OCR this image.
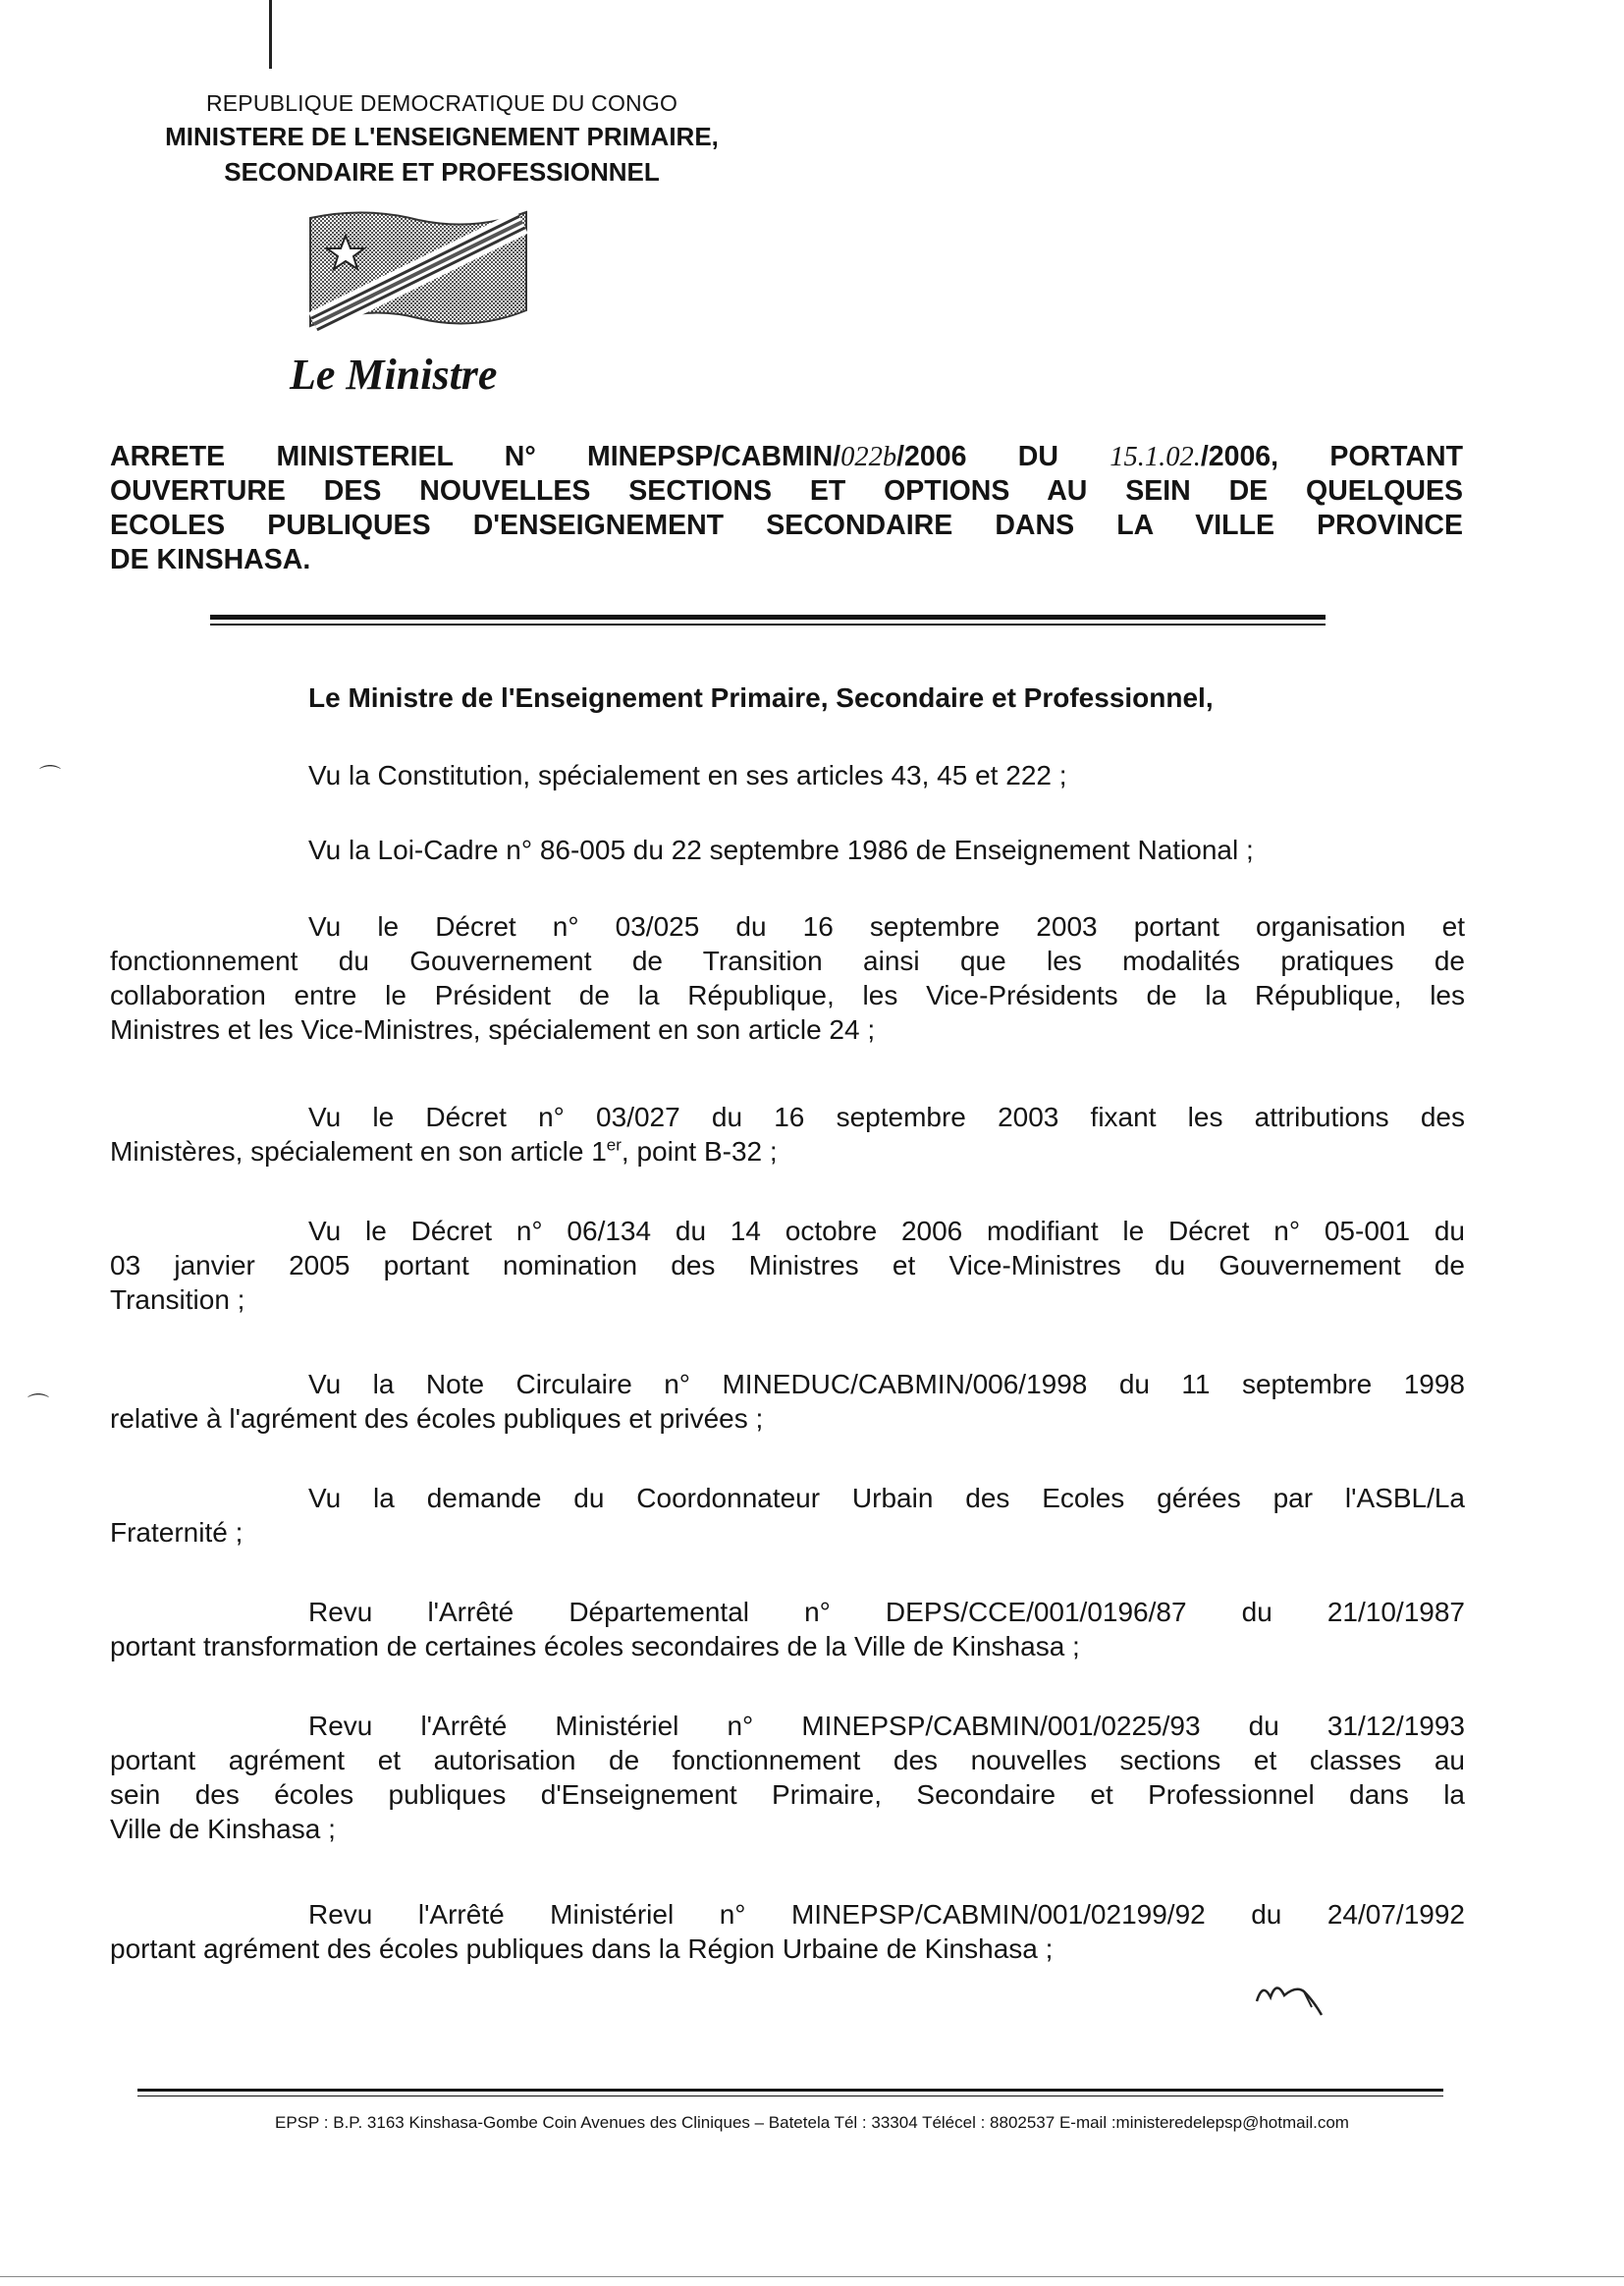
REPUBLIQUE DEMOCRATIQUE DU CONGO
MINISTERE DE L'ENSEIGNEMENT PRIMAIRE,
SECONDAIRE ET PROFESSIONNEL
Le Ministre
ARRETE MINISTERIEL N° MINEPSP/CABMIN/022b/2006 DU 15.1.02./2006, PORTANT
OUVERTURE DES NOUVELLES SECTIONS ET OPTIONS AU SEIN DE QUELQUES
ECOLES PUBLIQUES D'ENSEIGNEMENT SECONDAIRE DANS LA VILLE PROVINCE
DE KINSHASA.
Le Ministre de l'Enseignement Primaire, Secondaire et Professionnel,
Vu la Constitution, spécialement en ses articles 43, 45 et 222 ;
⌒
Vu la Loi-Cadre n° 86-005 du 22 septembre 1986 de Enseignement National ;
Vu le Décret n° 03/025 du 16 septembre 2003 portant organisation et
fonctionnement du Gouvernement de Transition ainsi que les modalités pratiques de
collaboration entre le Président de la République, les Vice-Présidents de la République, les
Ministres et les Vice-Ministres, spécialement en son article 24 ;
Vu le Décret n° 03/027 du 16 septembre 2003 fixant les attributions des
Ministères, spécialement en son article 1er, point B-32 ;
Vu le Décret n° 06/134 du 14 octobre 2006 modifiant le Décret n° 05-001 du
03 janvier 2005 portant nomination des Ministres et Vice-Ministres du Gouvernement de
Transition ;
Vu la Note Circulaire n° MINEDUC/CABMIN/006/1998 du 11 septembre 1998
relative à l'agrément des écoles publiques et privées ;
⌒
Vu la demande du Coordonnateur Urbain des Ecoles gérées par l'ASBL/La
Fraternité ;
Revu l'Arrêté Départemental n° DEPS/CCE/001/0196/87 du 21/10/1987
portant transformation de certaines écoles secondaires de la Ville de Kinshasa ;
Revu l'Arrêté Ministériel n° MINEPSP/CABMIN/001/0225/93 du 31/12/1993
portant agrément et autorisation de fonctionnement des nouvelles sections et classes au
sein des écoles publiques d'Enseignement Primaire, Secondaire et Professionnel dans la
Ville de Kinshasa ;
Revu l'Arrêté Ministériel n° MINEPSP/CABMIN/001/02199/92 du 24/07/1992
portant agrément des écoles publiques dans la Région Urbaine de Kinshasa ;
EPSP : B.P. 3163 Kinshasa-Gombe Coin Avenues des Cliniques – Batetela Tél : 33304 Télécel : 8802537 E-mail :ministeredelepsp@hotmail.com
